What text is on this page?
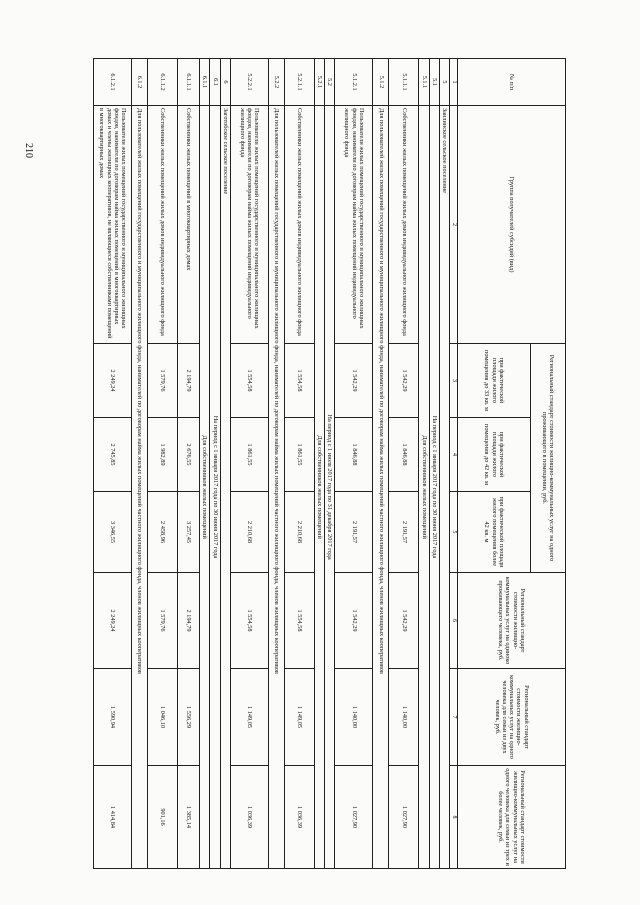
210
№ п/п	Группа получателей субсидий (вид)	Региональный стандарт стоимости жилищно-коммунальных услуг на одного проживающего в помещении, руб.			Региональный стандарт стоимости жилищно-коммунальных услуг на одиноко проживающего человека, руб.	Региональный стандарт стоимости жилищно-коммунальных услуг на одного человека для семьи из двух человек, руб.	Региональный стандарт стоимости жилищно-коммунальных услуг на одного человека для семьи из трех и более человек, руб.
		при фактической площади жилого помещения до 33 кв. м	при фактической площади жилого помещения до 42 кв. м	при фактической площади жилого помещения более 42 кв. м			
1	2	3	4	5	6	7	8
5	Заилинское сельское поселение						
5.1	На период с 1 января 2017 года по 30 июня 2017 года						
5.1.1	Для собственников жилых помещений						
5.1.1.1	Собственники жилых помещений жилых домов индивидуального жилищного фонда	1 542,29	1 846,88	2 191,57	1 542,29	1 140,00	1 027,90
5.1.2	Для пользователей жилых помещений государственного и муниципального жилищного фонда, нанимателей по договорам найма жилых помещений частного жилищного фонда, членов жилищных кооперативов						
5.1.2.1	Пользователи жилых помещений государственного и муниципального жилищных фондов, наниматели по договорам найма жилых помещений индивидуального жилищного фонда	1 542,29	1 846,88	2 191,57	1 542,29	1 140,00	1 027,90
5.2	На период с 1 июля 2017 года по 31 декабря 2017 года						
5.2.1	Для собственников жилых помещений						
5.2.1.1	Собственники жилых помещений жилых домов индивидуального жилищного фонда	1 554,58	1 861,55	2 210,68	1 554,58	1 149,05	1 036,39
5.2.2	Для пользователей жилых помещений государственного и муниципального жилищного фонда, нанимателей по договорам найма жилых помещений частного жилищного фонда, членов жилищных кооперативов						
5.2.2.1	Пользователи жилых помещений государственного и муниципального жилищных фондов, наниматели по договорам найма жилых помещений индивидуального жилищного фонда	1 554,58	1 861,55	2 210,68	1 554,58	1 149,05	1 036,39
6	Заготобское сельское поселение						
6.1	На период с 1 января 2017 года по 30 июня 2017 года						
6.1.1	Для собственников жилых помещений						
6.1.1.1	Собственники жилых помещений в многоквартирных домах	2 194,79	2 676,55	3 257,45	2 194,79	1 556,29	1 385,14
6.1.1.2	Собственники жилых помещений жилых домов индивидуального жилищного фонда	1 579,76	1 982,89	2 458,96	1 579,76	1 046,10	901,16
6.1.2	Для пользователей жилых помещений государственного и муниципального жилищного фонда, нанимателей по договорам найма жилых помещений частного жилищного фонда, членов жилищных кооперативов						
6.1.2.1	Пользователи жилых помещений государственного и муниципального жилищных фондов, наниматели по договорам найма жилых помещений в многоквартирных домах и члены жилищных кооперативов, не являющиеся собственниками помещений в многоквартирных домах	2 249,24	2 745,85	3 346,55	2 249,24	1 590,94	1 414,84
